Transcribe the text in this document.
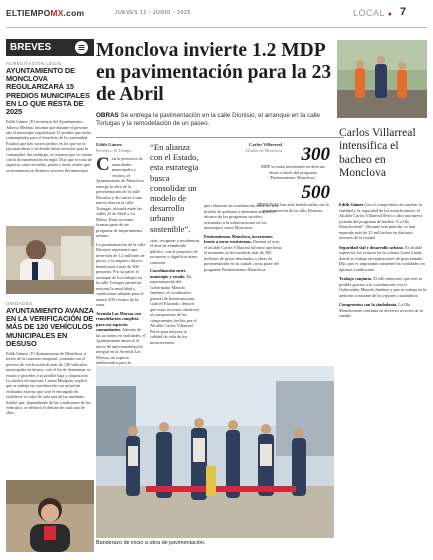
ELTIEMPOMX.com	JUEVES 12 - JUNIO - 2025	LOCAL ● 7
BREVES
ACREDITACIÓN LEGAL
AYUNTAMIENTO DE MONCLOVA REGULARIZARÁ 15 PREDIOS MUNICIPALES EN LO QUE RESTA DE 2025
Edith Gámez | El secretario del Ayuntamiento, Alberto Medina, informó que durante el presente año el municipio regularizará 15 predios que serán contemplados para el beneficio de la comunidad. Explicó que hay varios predios en los que ya se ejecutan obras y en donde habrá servicios para la comunidad. Sin embargo, se requiere que se cuente con la documentación en regla. Dijo que se trata de espacios como escuelas, plazas y áreas verdes que se encuentran en distintos sectores del municipio.
UNIDADES
AYUNTAMIENTO AVANZA EN LA VERIFICACIÓN DE MÁS DE 120 VEHÍCULOS MUNICIPALES EN DESUSO
Edith Gámez | El Ayuntamiento de Monclova, a través de la comisión temporal, continúa con el proceso de verificación de más de 120 vehículos municipales en desuso, con el fin de determinar su estado y proceder a su posible baja y disposición. La síndica de mayoría, Luzeta Munguía, explicó que se trabaja en coordinación con un perito evaluador externo que será el encargado de establecer el valor de cada una de las unidades. Señaló que, dependiendo de las condiciones de los vehículos, se definirá el destino de cada uno de ellos.
Monclova invierte 1.2 MDP en pavimentación para la 23 de Abril
OBRAS Se entrega la pavimentación en la calle Dionisio, el arranque en la calle Tortugas y la remodelación de un paseo.
Edith Gámez
Periódico El Tiempo
Con la presencia de autoridades municipales y vecinos, el Ayuntamiento de Monclova entregó la obra de la pavimentación de la calle Dionisio y dio inicio a una nueva obra en la calle Tortugas, ubicada entre las calles 23 de Abril y La Bilma. Estas acciones forman parte de un programa de mejoramiento urbano.
La pavimentación de la calle Dionisio representó una inversión de 1.2 millones de pesos, y su impacto directo beneficiará a más de 300 personas. Por su parte, el arranque de los trabajos en la calle Tortugas permitirá mejorar la movilidad y condiciones urbanas para el menos 400 vecinos de la zona.
Avenida Las Morsas con remodelación completa para sus espacios comunitarios. Además de las acciones en vialidades, el Ayuntamiento anunció el inicio de una remodelación integral en la Avenida Las Morsas, un espacio emblemático para la
“En alianza con el Estado, esta estrategia busca consolidar un modelo de desarrollo urbano sostenible”.
ción, recuperar y modernizar el área de alumbrado público, con el propósito de recuperar y dignificar áreas comunes.
Coordinación entre municipio y estado. En representación del Gobernador Manolo Jiménez, el coordinador general de Infraestructura, Gabriel Elizondo, destacó que estas acciones obedecen al compromiso de los componentes hechos por el Alcalde Carlos Villarreal Pérez para mejorar la calidad de vida de los monclovenses.
Carlos Villarreal
Alcalde de Monclova
que refuerzan la coordinación entre los tres niveles de gobierno y permiten ampliar el alcance de los programas sociales, orientados a la infraestructura en los municipios como Monclova.
Pavimentemos Monclova, inversiones frente a otros ecosistemas. Durante el acto, el alcalde Carlos Villarreal informó que hasta el momento se ha invertido más de 300 millones de pesos destinados a obras de pavimentación en la ciudad, como parte del programa Pavimentemos Monclova.
300
MDP se están invirtiendo en diversas obras a través del programa ‘Pavimentemos Monclova’.
500
PERSONAS han sido beneficiadas con la pavimentación de la calle Dionisio.
Banderazo de inicio a obra de pavimentación.
Carlos Villarreal intensifica el bacheo en Monclova
Edith Gámez Con el compromiso de mejorar la vialidad y la seguridad de los monclovenses, el Alcalde Carlos Villarreal llevó a cabo una nueva jornada del programa de bacheo “La Ola Monclovense”. Durante este periodo, se han reparado más de 25 mil baches en distintos sectores de la ciudad.
Seguridad vial y desarrollo urbano. El alcalde supervisó los avances en la colonia Loma Linda, donde se trabaja en reparaciones de gran tamaño. Dijo que es importante mantener las vialidades en óptimas condiciones.
Trabajo conjunto. El edil mencionó que este es posible gracias a la coordinación con el Gobernador Manolo Jiménez y que se trabaja en la atención constante de los reportes ciudadanos.
Compromiso con la ciudadanía. La Ola Monclovense continúa en diversos sectores de la ciudad.
